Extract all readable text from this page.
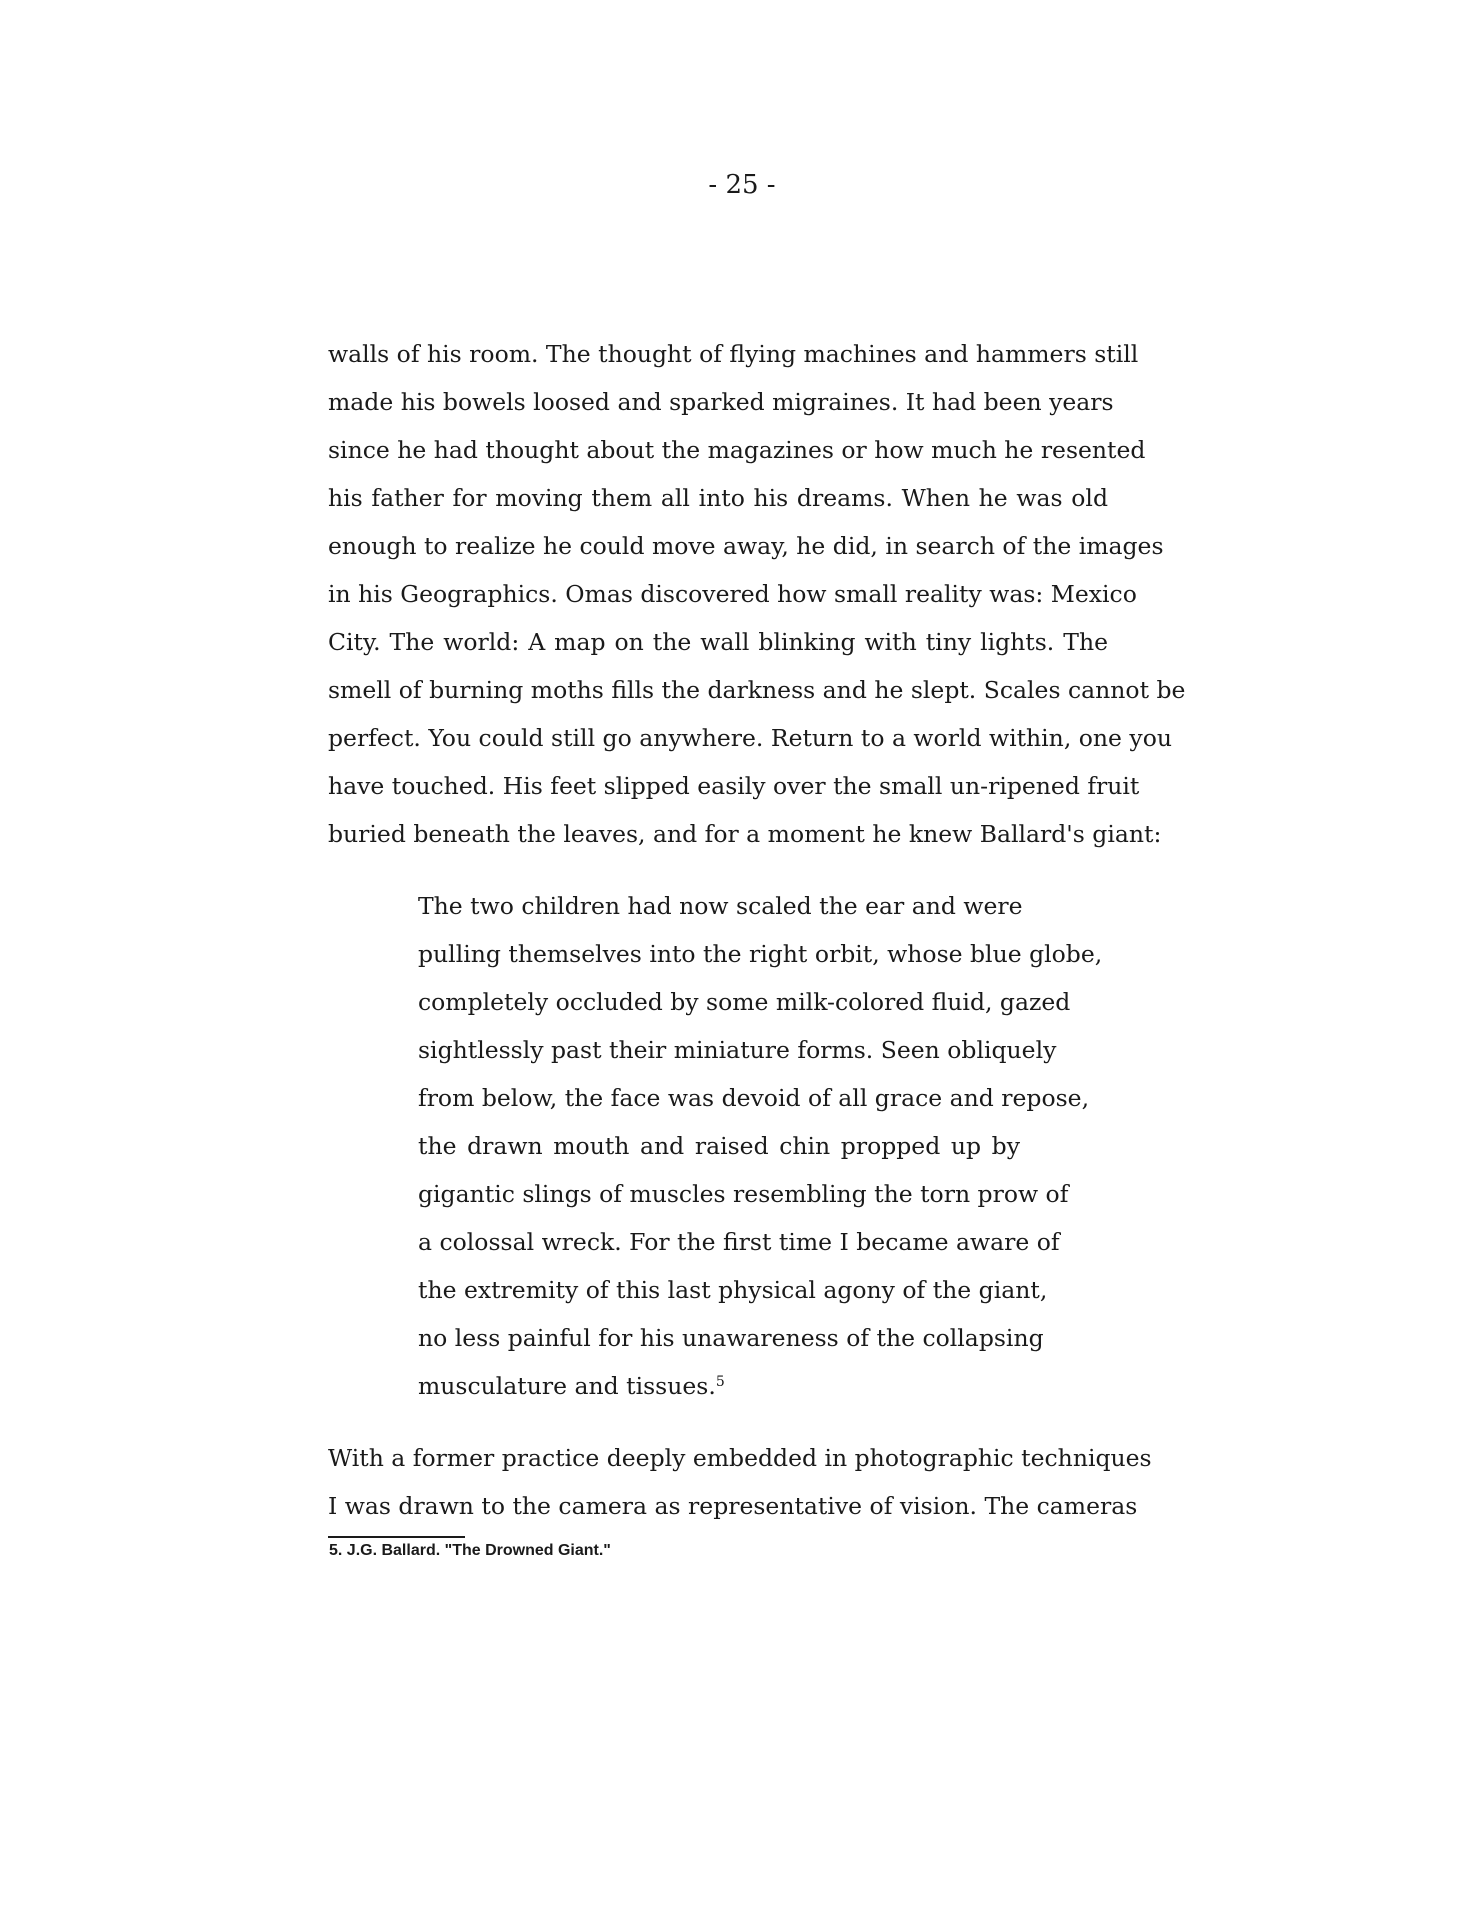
- 25 -
walls of his room. The thought of flying machines and hammers still
made his bowels loosed and sparked migraines. It had been years
since he had thought about the magazines or how much he resented
his father for moving them all into his dreams. When he was old
enough to realize he could move away, he did, in search of the images
in his Geographics. Omas discovered how small reality was: Mexico
City. The world: A map on the wall blinking with tiny lights. The
smell of burning moths fills the darkness and he slept. Scales cannot be
perfect. You could still go anywhere. Return to a world within, one you
have touched. His feet slipped easily over the small un-ripened fruit
buried beneath the leaves, and for a moment he knew Ballard's giant:
The two children had now scaled the ear and were
pulling themselves into the right orbit, whose blue globe,
completely occluded by some milk-colored fluid, gazed
sightlessly past their miniature forms. Seen obliquely
from below, the face was devoid of all grace and repose,
the drawn mouth and raised chin propped up by
gigantic slings of muscles resembling the torn prow of
a colossal wreck. For the first time I became aware of
the extremity of this last physical agony of the giant,
no less painful for his unawareness of the collapsing
musculature and tissues.$^5$
With a former practice deeply embedded in photographic techniques
I was drawn to the camera as representative of vision. The cameras
5. J.G. Ballard. "The Drowned Giant."
